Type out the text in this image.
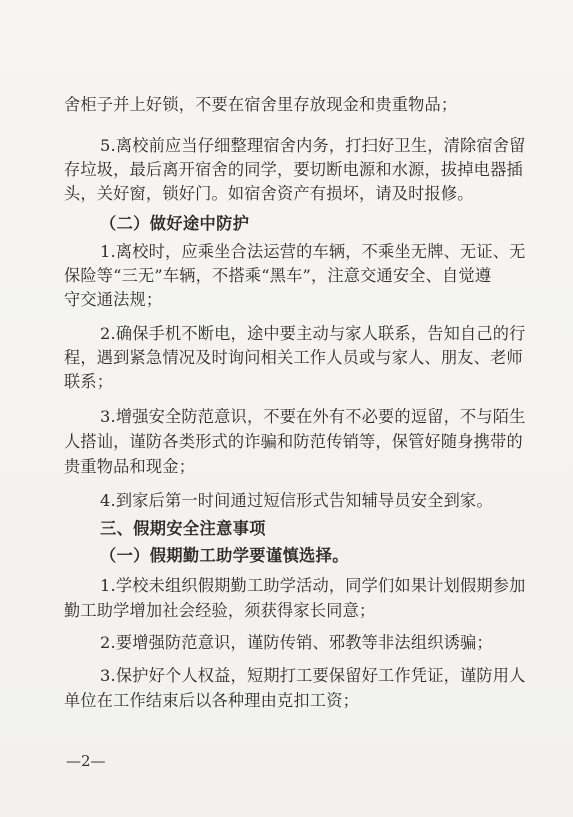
舍柜子并上好锁，不要在宿舍里存放现金和贵重物品；
5.离校前应当仔细整理宿舍内务，打扫好卫生，清除宿舍留
存垃圾，最后离开宿舍的同学，要切断电源和水源，拔掉电器插
头，关好窗，锁好门。如宿舍资产有损坏，请及时报修。
（二）做好途中防护
1.离校时，应乘坐合法运营的车辆，不乘坐无牌、无证、无
保险等“三无”车辆，不搭乘“黑车”，注意交通安全、自觉遵
守交通法规；
2.确保手机不断电，途中要主动与家人联系，告知自己的行
程，遇到紧急情况及时询问相关工作人员或与家人、朋友、老师
联系；
3.增强安全防范意识，不要在外有不必要的逗留，不与陌生
人搭讪，谨防各类形式的诈骗和防范传销等，保管好随身携带的
贵重物品和现金；
4.到家后第一时间通过短信形式告知辅导员安全到家。
三、假期安全注意事项
（一）假期勤工助学要谨慎选择。
1.学校未组织假期勤工助学活动，同学们如果计划假期参加
勤工助学增加社会经验，须获得家长同意；
2.要增强防范意识，谨防传销、邪教等非法组织诱骗；
3.保护好个人权益，短期打工要保留好工作凭证，谨防用人
单位在工作结束后以各种理由克扣工资；
—2—
